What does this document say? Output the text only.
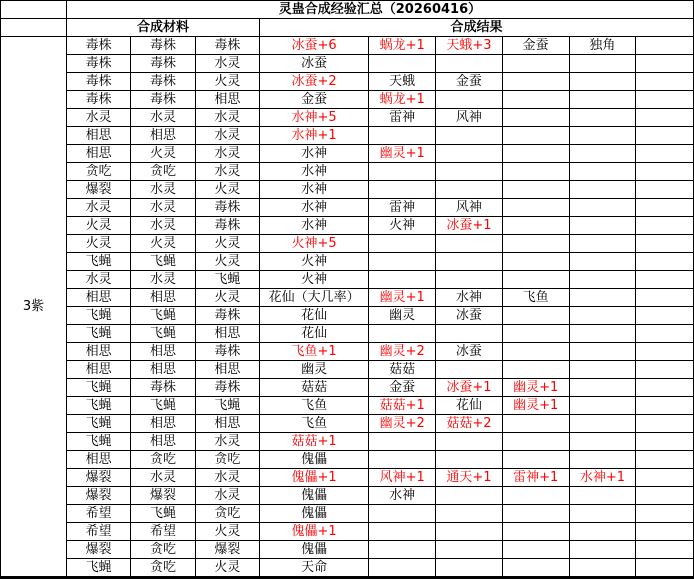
	灵蛊合成经验汇总（20260416）								
	合成材料			合成结果					
3紫	毒株	毒株	毒株	冰蚕+6	蜗龙+1	天蛾+3	金蚕	独角	
	毒株	毒株	水灵	冰蚕					
	毒株	毒株	火灵	冰蚕+2	天蛾	金蚕			
	毒株	毒株	相思	金蚕	蜗龙+1				
	水灵	水灵	水灵	水神+5	雷神	风神			
	相思	相思	水灵	水神+1					
	相思	火灵	水灵	水神	幽灵+1				
	贪吃	贪吃	水灵	水神					
	爆裂	水灵	火灵	水神					
	水灵	水灵	毒株	水神	雷神	风神			
	火灵	水灵	毒株	水神	火神	冰蚕+1			
	火灵	火灵	火灵	火神+5					
	飞蝇	飞蝇	火灵	火神					
	水灵	水灵	飞蝇	火神					
	相思	相思	火灵	花仙（大几率）	幽灵+1	水神	飞鱼		
	飞蝇	飞蝇	毒株	花仙	幽灵	冰蚕			
	飞蝇	飞蝇	相思	花仙					
	相思	相思	毒株	飞鱼+1	幽灵+2	冰蚕			
	相思	相思	相思	幽灵	菇菇				
	飞蝇	毒株	毒株	菇菇	金蚕	冰蚕+1	幽灵+1		
	飞蝇	飞蝇	飞蝇	飞鱼	菇菇+1	花仙	幽灵+1		
	飞蝇	相思	相思	飞鱼	幽灵+2	菇菇+2			
	飞蝇	相思	水灵	菇菇+1					
	相思	贪吃	贪吃	傀儡					
	爆裂	水灵	水灵	傀儡+1	风神+1	通天+1	雷神+1	水神+1	
	爆裂	爆裂	水灵	傀儡	水神				
	希望	飞蝇	贪吃	傀儡					
	希望	希望	火灵	傀儡+1					
	爆裂	贪吃	爆裂	傀儡					
	飞蝇	贪吃	火灵	天命					
